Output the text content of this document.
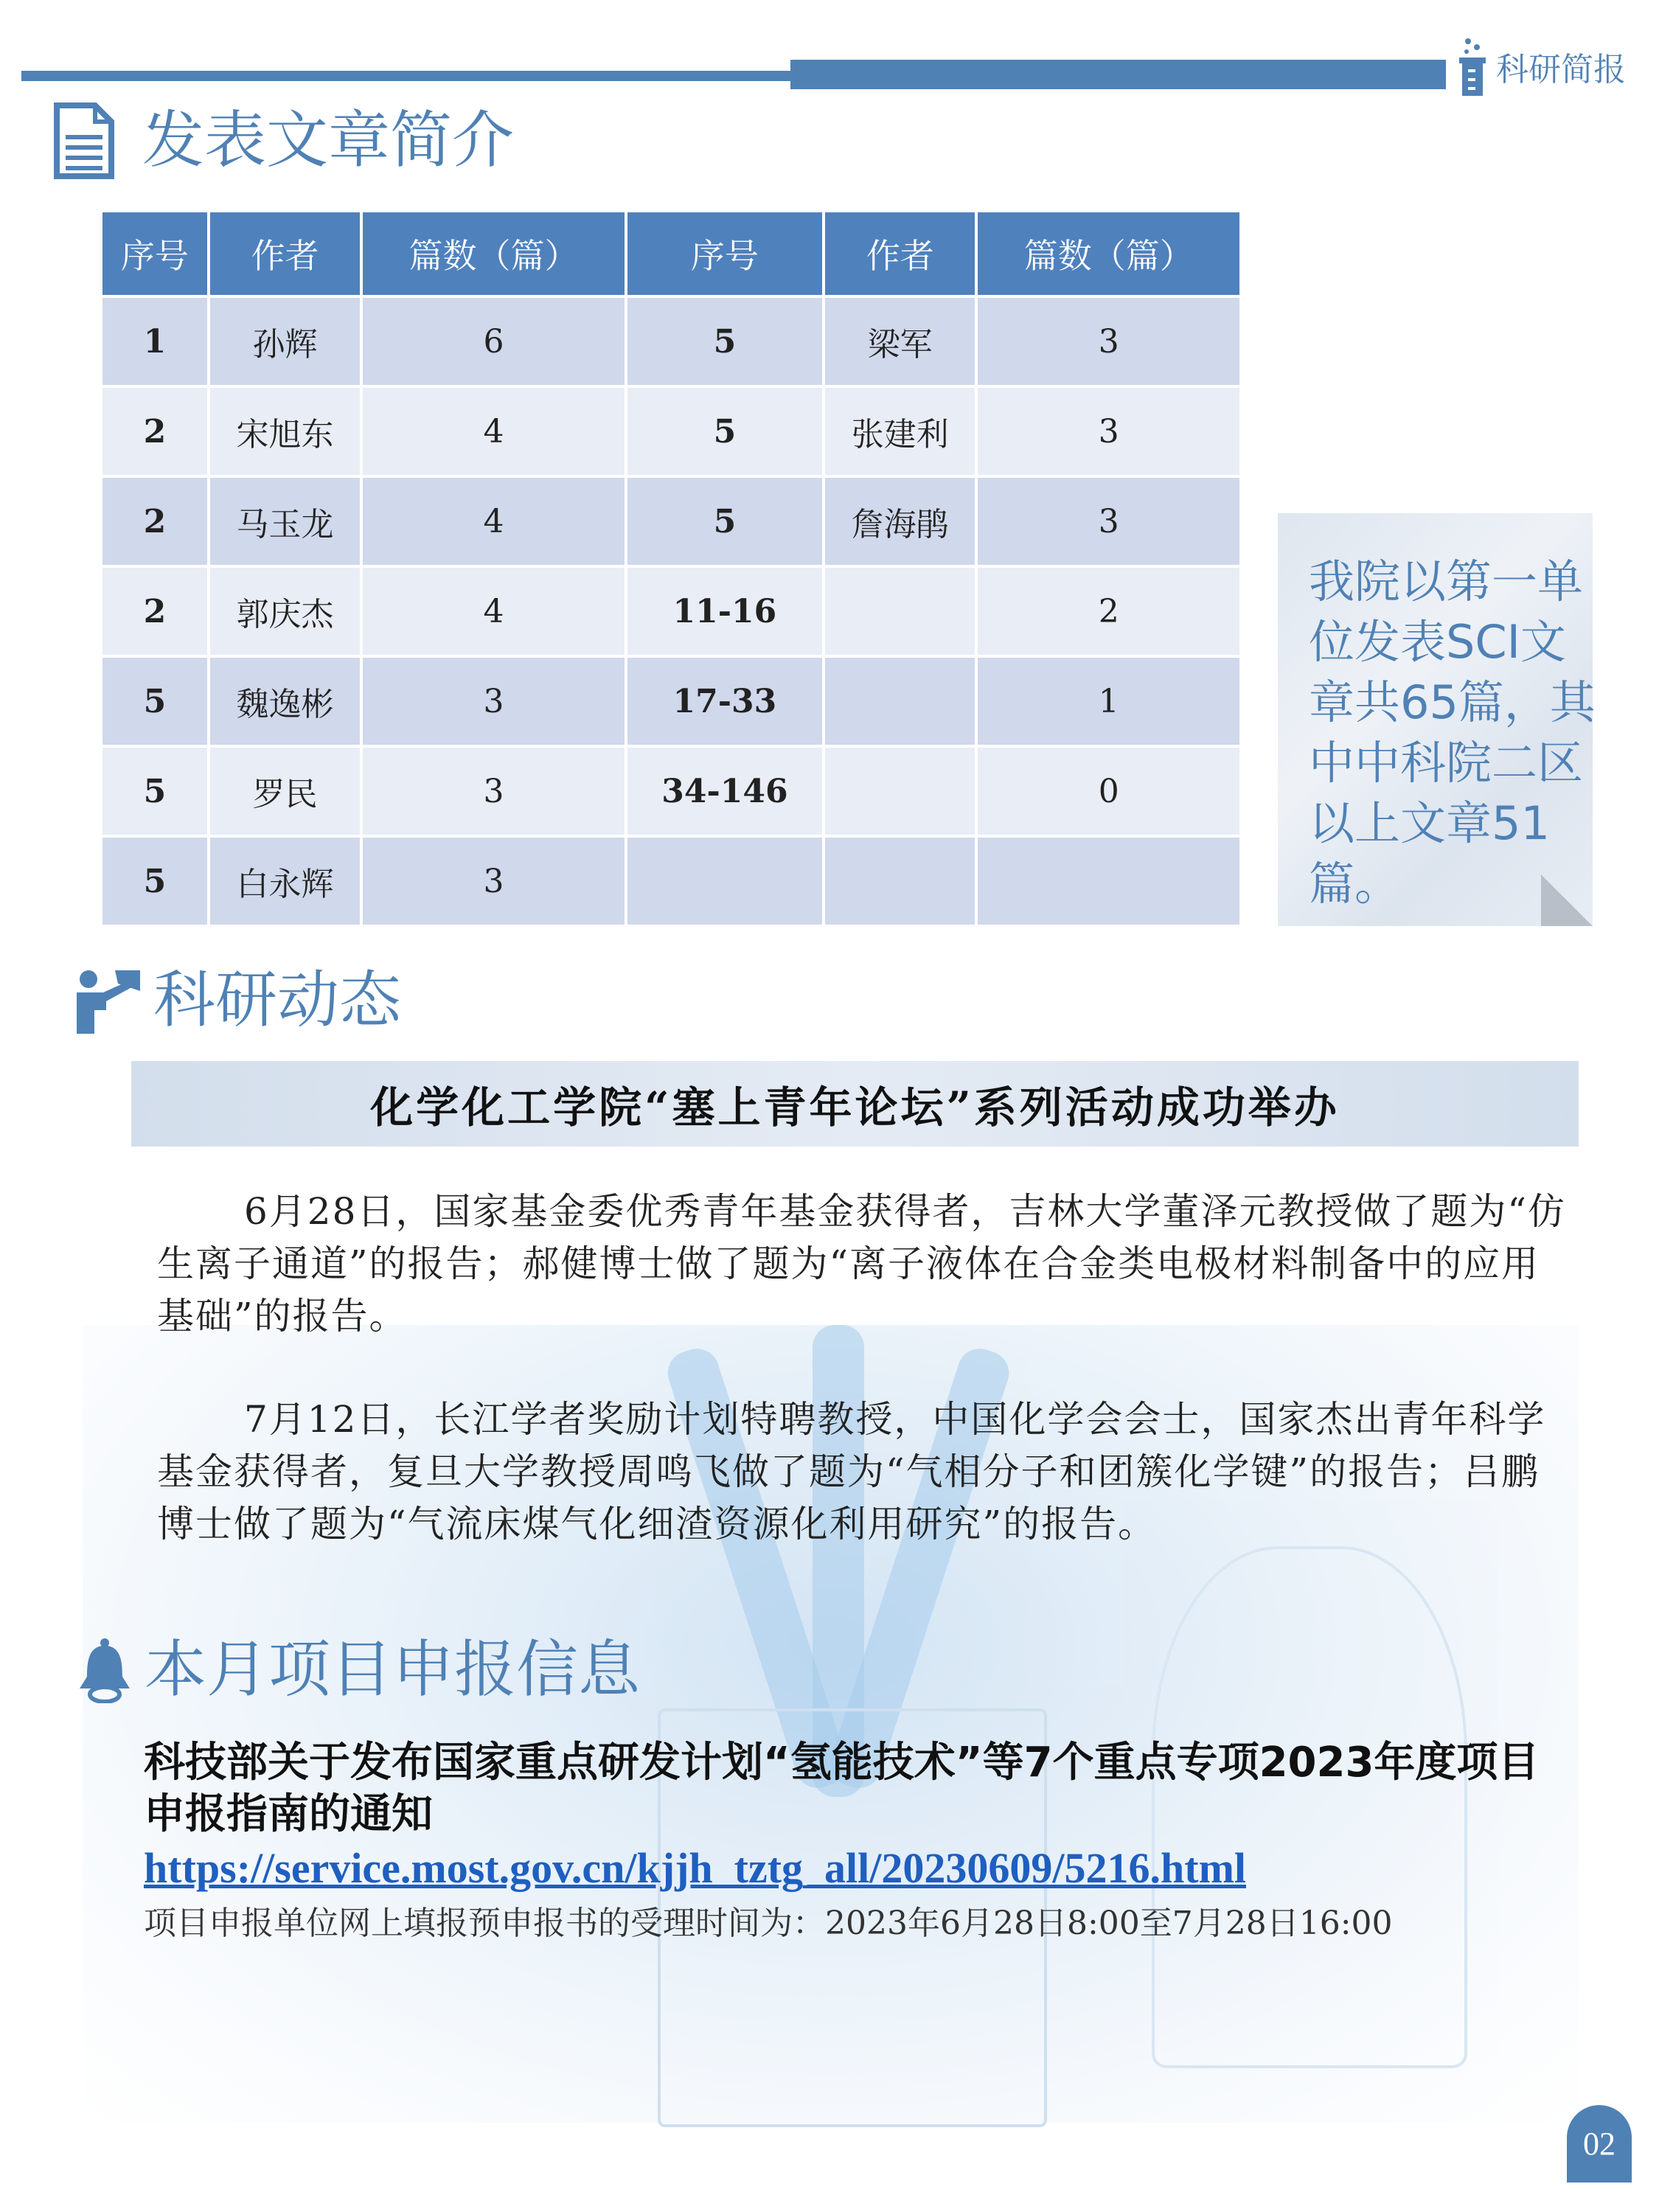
科研简报
发表文章简介
序号	作者	篇数（篇）	序号	作者	篇数（篇）
1	孙辉	6	5	梁军	3
2	宋旭东	4	5	张建利	3
2	马玉龙	4	5	詹海鹃	3
2	郭庆杰	4	11-16		2
5	魏逸彬	3	17-33		1
5	罗民	3	34-146		0
5	白永辉	3			
我院以第一单位发表SCI文章共65篇，其中中科院二区以上文章51篇。
科研动态
化学化工学院“塞上青年论坛”系列活动成功举办
6月28日，国家基金委优秀青年基金获得者，吉林大学董泽元教授做了题为“仿生离子通道”的报告；郝健博士做了题为“离子液体在合金类电极材料制备中的应用基础”的报告。
7月12日，长江学者奖励计划特聘教授，中国化学会会士，国家杰出青年科学基金获得者，复旦大学教授周鸣飞做了题为“气相分子和团簇化学键”的报告；吕鹏博士做了题为“气流床煤气化细渣资源化利用研究”的报告。
本月项目申报信息
科技部关于发布国家重点研发计划“氢能技术”等7个重点专项2023年度项目申报指南的通知
https://service.most.gov.cn/kjjh_tztg_all/20230609/5216.html
项目申报单位网上填报预申报书的受理时间为：2023年6月28日8:00至7月28日16:00
02
